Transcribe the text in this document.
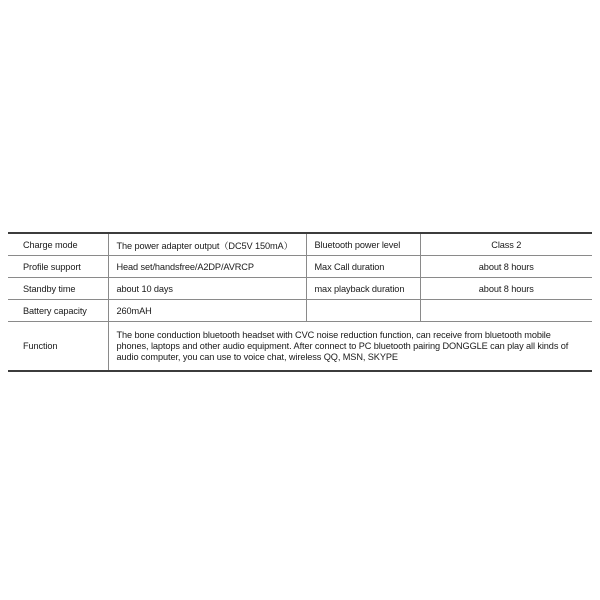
Charge mode	The power adapter output（DC5V 150mA）	Bluetooth power level	Class 2
Profile support	Head set/handsfree/A2DP/AVRCP	Max Call duration	about 8 hours
Standby time	about 10 days	max playback duration	about 8 hours
Battery capacity	260mAH		
Function	The bone conduction bluetooth headset with CVC noise reduction function, can receive from bluetooth mobile phones, laptops and other audio equipment. After connect to PC bluetooth pairing DONGGLE can play all kinds of audio computer, you can use to voice chat, wireless QQ, MSN, SKYPE		
